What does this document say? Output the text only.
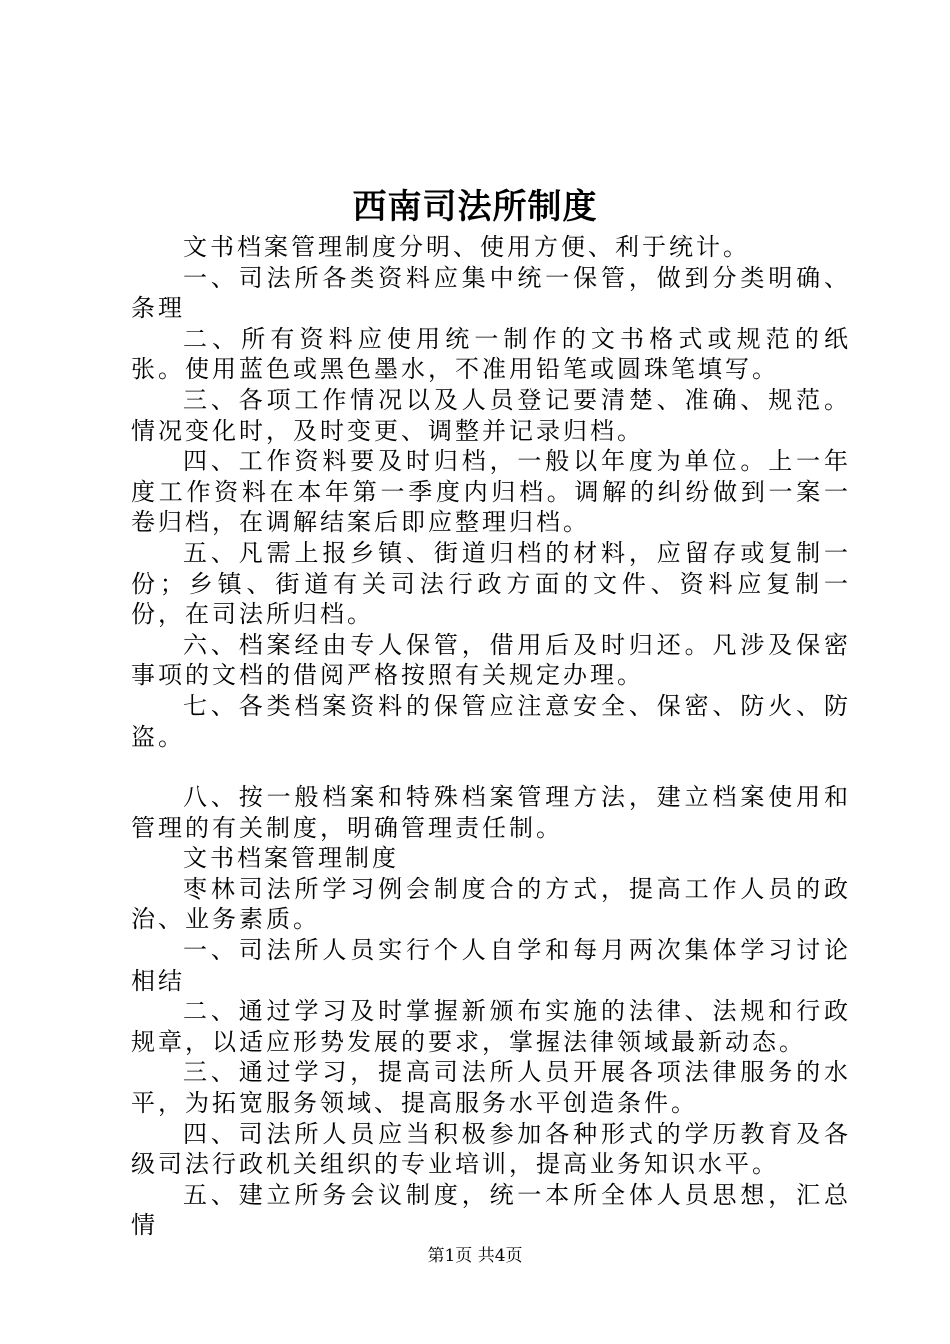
西南司法所制度

文书档案管理制度分明、使用方便、利于统计。

一、司法所各类资料应集中统一保管，做到分类明确、条理

二、所有资料应使用统一制作的文书格式或规范的纸张。使用蓝色或黑色墨水，不准用铅笔或圆珠笔填写。

三、各项工作情况以及人员登记要清楚、准确、规范。情况变化时，及时变更、调整并记录归档。

四、工作资料要及时归档，一般以年度为单位。上一年度工作资料在本年第一季度内归档。调解的纠纷做到一案一卷归档，在调解结案后即应整理归档。

五、凡需上报乡镇、街道归档的材料，应留存或复制一份；乡镇、街道有关司法行政方面的文件、资料应复制一份，在司法所归档。

六、档案经由专人保管，借用后及时归还。凡涉及保密事项的文档的借阅严格按照有关规定办理。

七、各类档案资料的保管应注意安全、保密、防火、防盗。

八、按一般档案和特殊档案管理方法，建立档案使用和管理的有关制度，明确管理责任制。

文书档案管理制度

枣林司法所学习例会制度合的方式，提高工作人员的政治、业务素质。

一、司法所人员实行个人自学和每月两次集体学习讨论相结

二、通过学习及时掌握新颁布实施的法律、法规和行政规章，以适应形势发展的要求，掌握法律领域最新动态。

三、通过学习，提高司法所人员开展各项法律服务的水平，为拓宽服务领域、提高服务水平创造条件。

四、司法所人员应当积极参加各种形式的学历教育及各级司法行政机关组织的专业培训，提高业务知识水平。

五、建立所务会议制度，统一本所全体人员思想，汇总情

第1页 共4页
